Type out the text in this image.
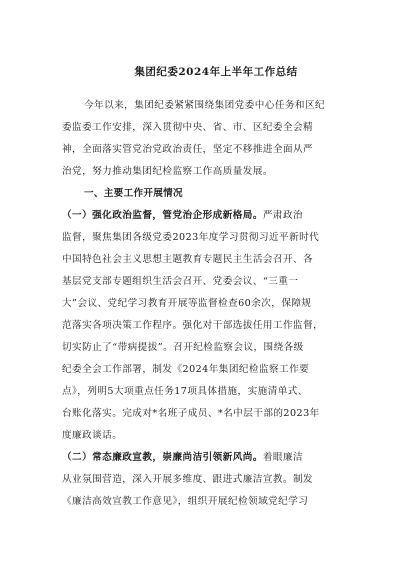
集团纪委2024年上半年工作总结

今年以来，集团纪委紧紧围绕集团党委中心任务和区纪
委监委工作安排，深入贯彻中央、省、市、区纪委全会精
神，全面落实管党治党政治责任，坚定不移推进全面从严
治党，努力推动集团纪检监察工作高质量发展。

一、主要工作开展情况

（一）强化政治监督，管党治企形成新格局。严肃政治
监督，聚焦集团各级党委2023年度学习贯彻习近平新时代
中国特色社会主义思想主题教育专题民主生活会召开、各
基层党支部专题组织生活会召开、党委会议、“三重一
大”会议、党纪学习教育开展等监督检查60余次，保障规
范落实各项决策工作程序。强化对干部选拔任用工作监督，
切实防止了“带病提拔”。召开纪检监察会议，围绕各级
纪委全会工作部署，制发《2024年集团纪检监察工作要
点》，列明5大项重点任务17项具体措施，实施清单式、
台账化落实。完成对*名班子成员、*名中层干部的2023年
度廉政谈话。

（二）常态廉政宣教，崇廉尚洁引领新风尚。着眼廉洁
从业氛围营造，深入开展多维度、跟进式廉洁宣教。制发
《廉洁高效宣教工作意见》，组织开展纪检领域党纪学习
